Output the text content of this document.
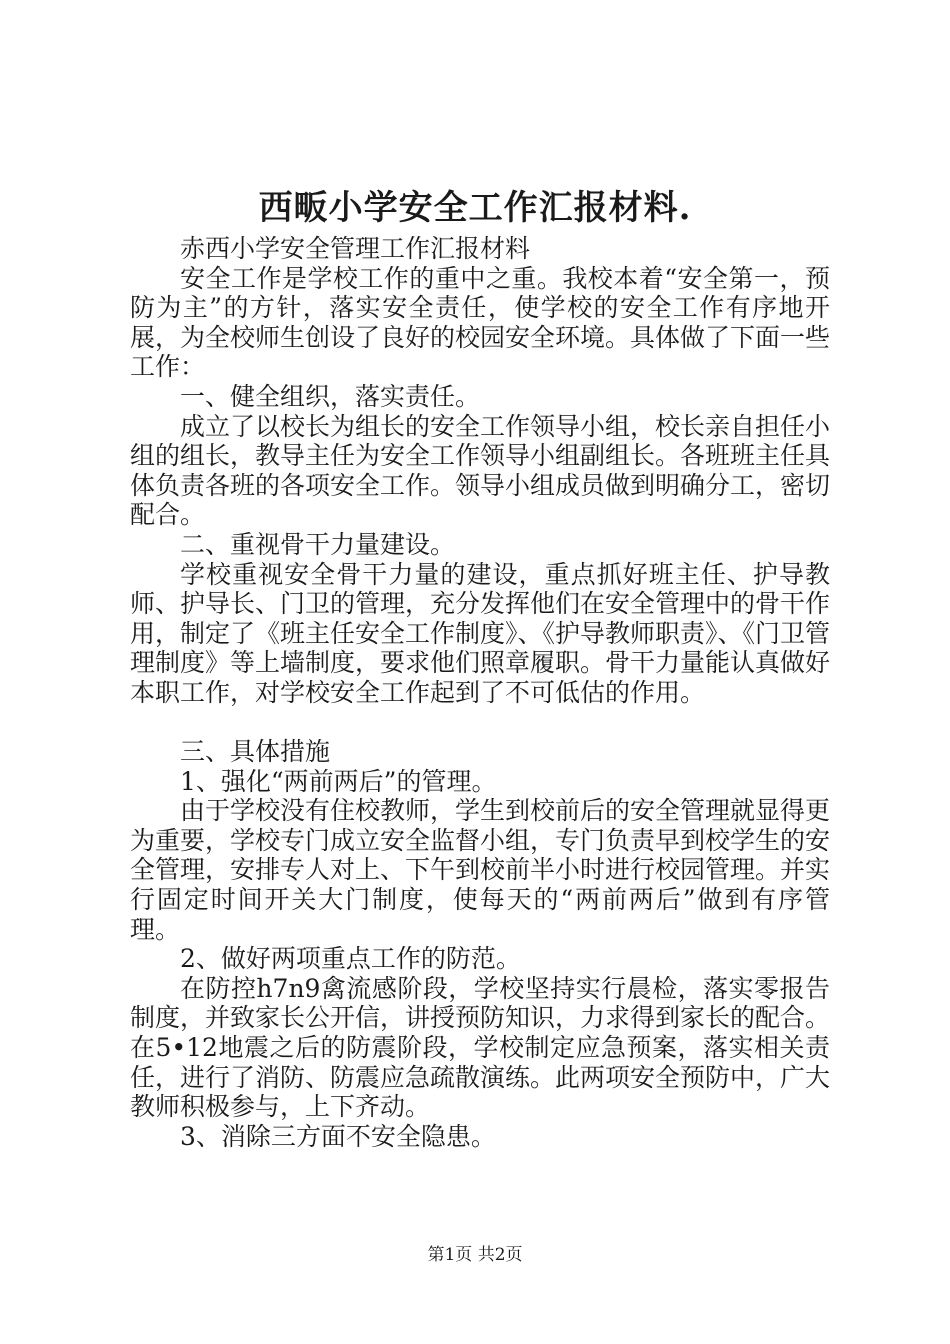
西畈小学安全工作汇报材料.

赤西小学安全管理工作汇报材料

安全工作是学校工作的重中之重。我校本着“安全第一，预防为主”的方针，落实安全责任，使学校的安全工作有序地开展，为全校师生创设了良好的校园安全环境。具体做了下面一些工作：

一、健全组织，落实责任。

成立了以校长为组长的安全工作领导小组，校长亲自担任小组的组长，教导主任为安全工作领导小组副组长。各班班主任具体负责各班的各项安全工作。领导小组成员做到明确分工，密切配合。

二、重视骨干力量建设。

学校重视安全骨干力量的建设，重点抓好班主任、护导教师、护导长、门卫的管理，充分发挥他们在安全管理中的骨干作用，制定了《班主任安全工作制度》、《护导教师职责》、《门卫管理制度》等上墙制度，要求他们照章履职。骨干力量能认真做好本职工作，对学校安全工作起到了不可低估的作用。

三、具体措施

1、强化“两前两后”的管理。

由于学校没有住校教师，学生到校前后的安全管理就显得更为重要，学校专门成立安全监督小组，专门负责早到校学生的安全管理，安排专人对上、下午到校前半小时进行校园管理。并实行固定时间开关大门制度，使每天的“两前两后”做到有序管理。

2、做好两项重点工作的防范。

在防控h7n9禽流感阶段，学校坚持实行晨检，落实零报告制度，并致家长公开信，讲授预防知识，力求得到家长的配合。在5•12地震之后的防震阶段，学校制定应急预案，落实相关责任，进行了消防、防震应急疏散演练。此两项安全预防中，广大教师积极参与，上下齐动。

3、消除三方面不安全隐患。

第1页 共2页
